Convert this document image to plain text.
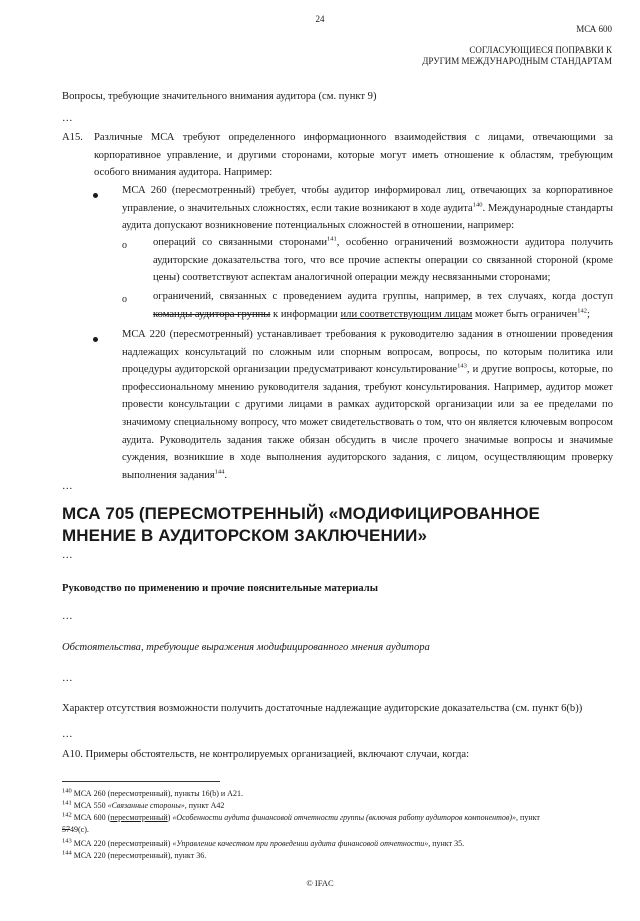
24
МСА 600
СОГЛАСУЮЩИЕСЯ ПОПРАВКИ К
ДРУГИМ МЕЖДУНАРОДНЫМ СТАНДАРТАМ
Вопросы, требующие значительного внимания аудитора (см. пункт 9)
…
A15. Различные МСА требуют определенного информационного взаимодействия с лицами, отвечающими за корпоративное управление, и другими сторонами, которые могут иметь отношение к областям, требующим особого внимания аудитора. Например:
МСА 260 (пересмотренный) требует, чтобы аудитор информировал лиц, отвечающих за корпоративное управление, о значительных сложностях, если такие возникают в ходе аудита$^{140}$. Международные стандарты аудита допускают возникновение потенциальных сложностей в отношении, например:
o операций со связанными сторонами$^{141}$, особенно ограничений возможности аудитора получить аудиторские доказательства того, что все прочие аспекты операции со связанной стороной (кроме цены) соответствуют аспектам аналогичной операции между несвязанными сторонами;
o ограничений, связанных с проведением аудита группы, например, в тех случаях, когда доступ команды аудитора группы к информации или соответствующим лицам может быть ограничен$^{142}$;
МСА 220 (пересмотренный) устанавливает требования к руководителю задания в отношении проведения надлежащих консультаций по сложным или спорным вопросам, вопросы, по которым политика или процедуры аудиторской организации предусматривают консультирование$^{143}$, и другие вопросы, которые, по профессиональному мнению руководителя задания, требуют консультирования. Например, аудитор может провести консультации с другими лицами в рамках аудиторской организации или за ее пределами по значимому специальному вопросу, что может свидетельствовать о том, что он является ключевым вопросом аудита. Руководитель задания также обязан обсудить в числе прочего значимые вопросы и значимые суждения, возникшие в ходе выполнения аудиторского задания, с лицом, осуществляющим проверку выполнения задания$^{144}$.
…
МСА 705 (ПЕРЕСМОТРЕННЫЙ) «МОДИФИЦИРОВАННОЕ МНЕНИЕ В АУДИТОРСКОМ ЗАКЛЮЧЕНИИ»
…
Руководство по применению и прочие пояснительные материалы
…
Обстоятельства, требующие выражения модифицированного мнения аудитора
…
Характер отсутствия возможности получить достаточные надлежащие аудиторские доказательства (см. пункт 6(b))
…
A10. Примеры обстоятельств, не контролируемых организацией, включают случаи, когда:
$^{140}$ МСА 260 (пересмотренный), пункты 16(b) и A21.
$^{141}$ МСА 550 «Связанные стороны», пункт A42
$^{142}$ МСА 600 (пересмотренный) «Особенности аудита финансовой отчетности группы (включая работу аудиторов компонентов)», пункт
5749(c).
$^{143}$ МСА 220 (пересмотренный) «Управление качеством при проведении аудита финансовой отчетности», пункт 35.
$^{144}$ МСА 220 (пересмотренный), пункт 36.
© IFAC
